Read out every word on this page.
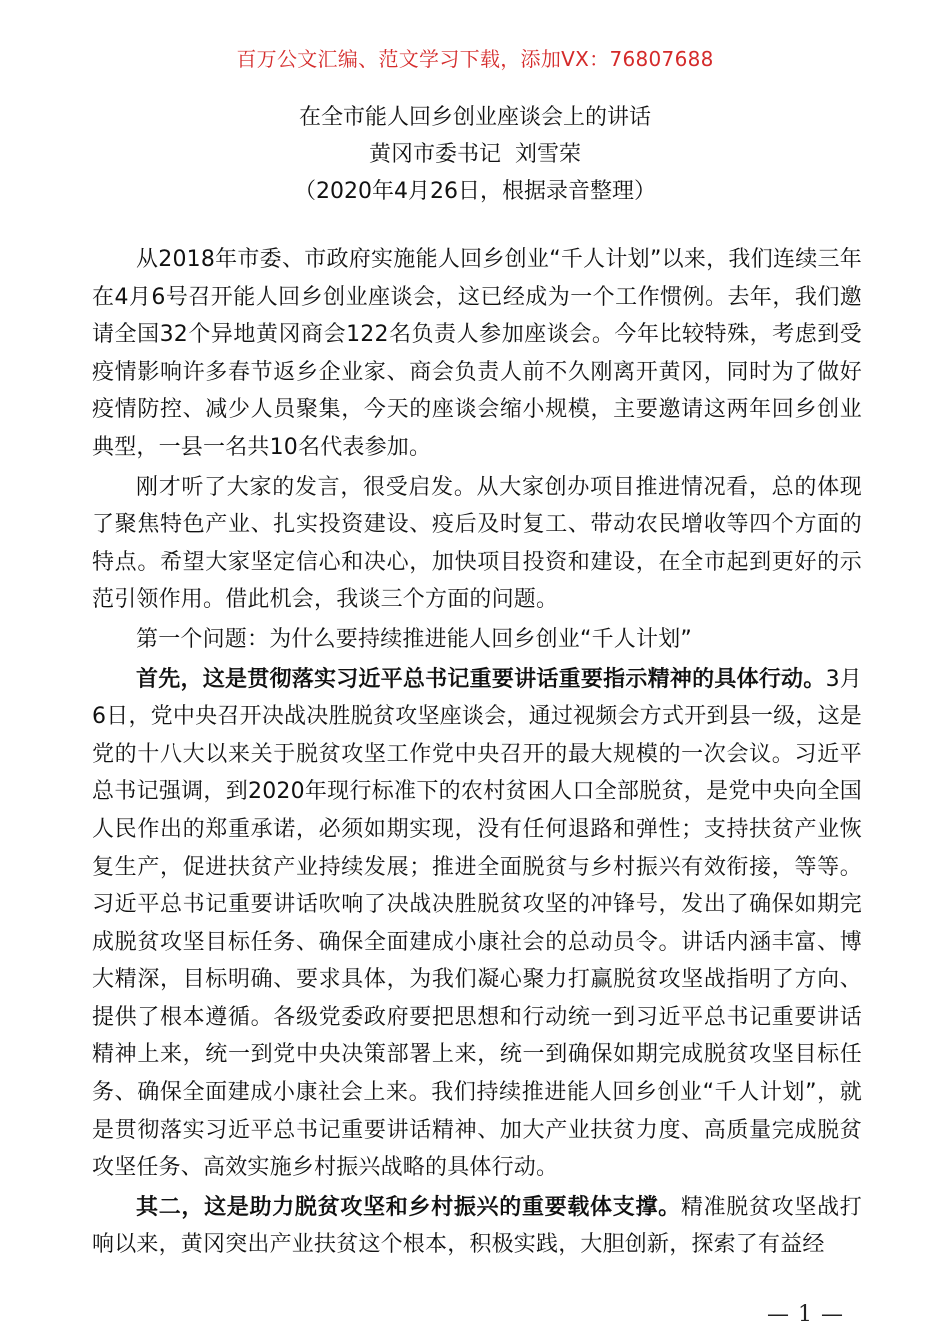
百万公文汇编、范文学习下载，添加VX：76807688
在全市能人回乡创业座谈会上的讲话
黄冈市委书记  刘雪荣
（2020年4月26日，根据录音整理）

从2018年市委、市政府实施能人回乡创业“千人计划”以来，我们连续三年在4月6号召开能人回乡创业座谈会，这已经成为一个工作惯例。去年，我们邀请全国32个异地黄冈商会122名负责人参加座谈会。今年比较特殊，考虑到受疫情影响许多春节返乡企业家、商会负责人前不久刚离开黄冈，同时为了做好疫情防控、减少人员聚集，今天的座谈会缩小规模，主要邀请这两年回乡创业典型，一县一名共10名代表参加。

刚才听了大家的发言，很受启发。从大家创办项目推进情况看，总的体现了聚焦特色产业、扎实投资建设、疫后及时复工、带动农民增收等四个方面的特点。希望大家坚定信心和决心，加快项目投资和建设，在全市起到更好的示范引领作用。借此机会，我谈三个方面的问题。

第一个问题：为什么要持续推进能人回乡创业“千人计划”

首先，这是贯彻落实习近平总书记重要讲话重要指示精神的具体行动。3月6日，党中央召开决战决胜脱贫攻坚座谈会，通过视频会方式开到县一级，这是党的十八大以来关于脱贫攻坚工作党中央召开的最大规模的一次会议。习近平总书记强调，到2020年现行标准下的农村贫困人口全部脱贫，是党中央向全国人民作出的郑重承诺，必须如期实现，没有任何退路和弹性；支持扶贫产业恢复生产，促进扶贫产业持续发展；推进全面脱贫与乡村振兴有效衔接，等等。习近平总书记重要讲话吹响了决战决胜脱贫攻坚的冲锋号，发出了确保如期完成脱贫攻坚目标任务、确保全面建成小康社会的总动员令。讲话内涵丰富、博大精深，目标明确、要求具体，为我们凝心聚力打赢脱贫攻坚战指明了方向、提供了根本遵循。各级党委政府要把思想和行动统一到习近平总书记重要讲话精神上来，统一到党中央决策部署上来，统一到确保如期完成脱贫攻坚目标任务、确保全面建成小康社会上来。我们持续推进能人回乡创业“千人计划”，就是贯彻落实习近平总书记重要讲话精神、加大产业扶贫力度、高质量完成脱贫攻坚任务、高效实施乡村振兴战略的具体行动。

其二，这是助力脱贫攻坚和乡村振兴的重要载体支撑。精准脱贫攻坚战打响以来，黄冈突出产业扶贫这个根本，积极实践，大胆创新，探索了有益经

— 1 —
